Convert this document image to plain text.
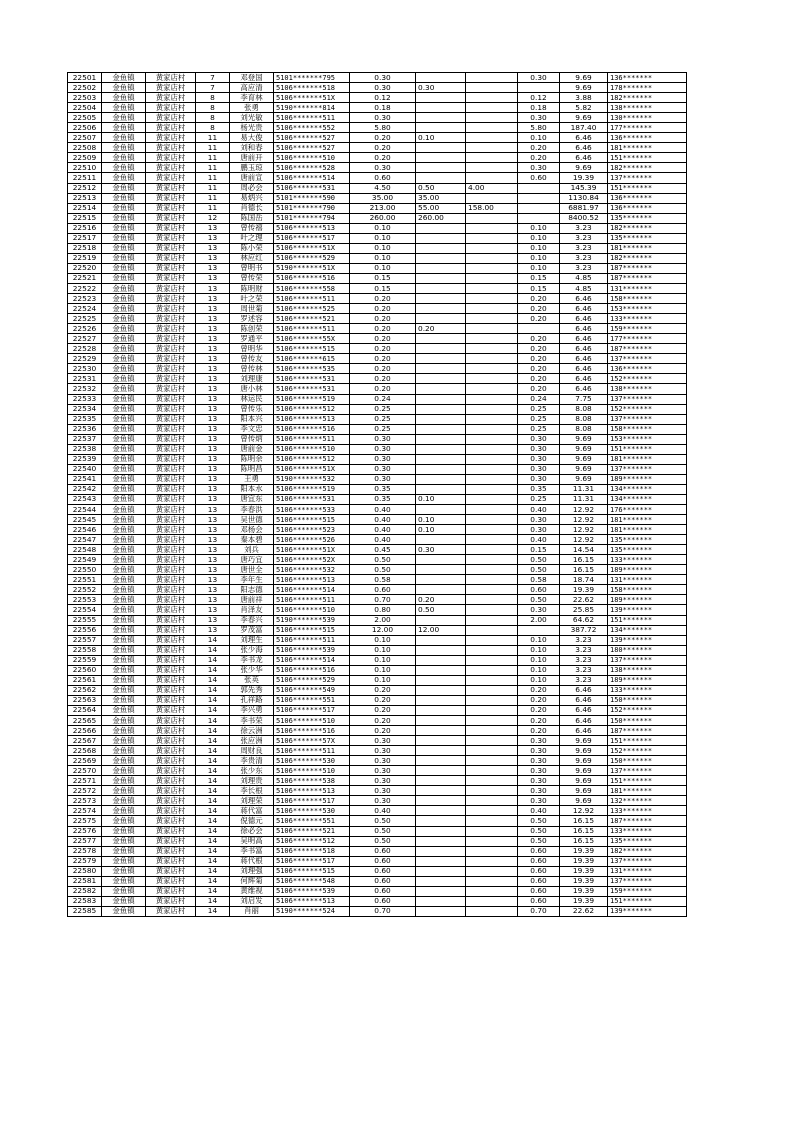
22501	金鱼镇	黄家店村	7	邓登国	5101*******795	0.30			0.30	9.69	136*******
22502	金鱼镇	黄家店村	7	高应清	5106*******518	0.30	0.30			9.69	178*******
22503	金鱼镇	黄家店村	8	李育林	5106*******51X	0.12			0.12	3.88	182*******
22504	金鱼镇	黄家店村	8	张勇	5190*******814	0.18			0.18	5.82	138*******
22505	金鱼镇	黄家店村	8	刘光敏	5106*******511	0.30			0.30	9.69	130*******
22506	金鱼镇	黄家店村	8	杨光贵	5106*******552	5.80			5.80	187.40	177*******
22507	金鱼镇	黄家店村	11	易大俊	5106*******527	0.20	0.10		0.10	6.46	136*******
22508	金鱼镇	黄家店村	11	刘和春	5106*******527	0.20			0.20	6.46	181*******
22509	金鱼镇	黄家店村	11	唐前开	5106*******510	0.20			0.20	6.46	151*******
22510	金鱼镇	黄家店村	11	鹏玉琼	5106*******528	0.30			0.30	9.69	182*******
22511	金鱼镇	黄家店村	11	唐前宣	5106*******514	0.60			0.60	19.39	137*******
22512	金鱼镇	黄家店村	11	周必会	5106*******531	4.50	0.50	4.00		145.39	151*******
22513	金鱼镇	黄家店村	11	易炳兴	5101*******590	35.00	35.00			1130.84	136*******
22514	金鱼镇	黄家店村	11	肖德长	5101*******790	213.00	55.00	158.00		6881.97	136*******
22515	金鱼镇	黄家店村	12	陈国岳	5101*******794	260.00	260.00			8400.52	135*******
22516	金鱼镇	黄家店村	13	曾传禧	5106*******513	0.10			0.10	3.23	182*******
22517	金鱼镇	黄家店村	13	叶之理	5106*******517	0.10			0.10	3.23	135*******
22518	金鱼镇	黄家店村	13	陈小荣	5106*******51X	0.10			0.10	3.23	181*******
22519	金鱼镇	黄家店村	13	林应红	5106*******529	0.10			0.10	3.23	182*******
22520	金鱼镇	黄家店村	13	曾明书	5190*******51X	0.10			0.10	3.23	187*******
22521	金鱼镇	黄家店村	13	曾传荣	5106*******516	0.15			0.15	4.85	187*******
22522	金鱼镇	黄家店村	13	陈明财	5106*******558	0.15			0.15	4.85	131*******
22523	金鱼镇	黄家店村	13	叶之荣	5106*******511	0.20			0.20	6.46	158*******
22524	金鱼镇	黄家店村	13	周世菊	5106*******525	0.20			0.20	6.46	153*******
22525	金鱼镇	黄家店村	13	罗述容	5106*******521	0.20			0.20	6.46	133*******
22526	金鱼镇	黄家店村	13	陈创荣	5106*******511	0.20	0.20			6.46	159*******
22527	金鱼镇	黄家店村	13	罗通平	5106*******55X	0.20			0.20	6.46	177*******
22528	金鱼镇	黄家店村	13	曾明华	5106*******515	0.20			0.20	6.46	187*******
22529	金鱼镇	黄家店村	13	曾传友	5106*******615	0.20			0.20	6.46	137*******
22530	金鱼镇	黄家店村	13	曾传林	5106*******535	0.20			0.20	6.46	136*******
22531	金鱼镇	黄家店村	13	刘理康	5106*******531	0.20			0.20	6.46	152*******
22532	金鱼镇	黄家店村	13	唐小林	5106*******531	0.20			0.20	6.46	138*******
22533	金鱼镇	黄家店村	13	林运民	5106*******519	0.24			0.24	7.75	137*******
22534	金鱼镇	黄家店村	13	曾传乐	5106*******512	0.25			0.25	8.08	152*******
22535	金鱼镇	黄家店村	13	阳本兴	5106*******513	0.25			0.25	8.08	137*******
22536	金鱼镇	黄家店村	13	李文忠	5106*******516	0.25			0.25	8.08	158*******
22537	金鱼镇	黄家店村	13	曾传炳	5106*******511	0.30			0.30	9.69	153*******
22538	金鱼镇	黄家店村	13	唐前金	5106*******510	0.30			0.30	9.69	151*******
22539	金鱼镇	黄家店村	13	陈明余	5106*******512	0.30			0.30	9.69	181*******
22540	金鱼镇	黄家店村	13	陈明昌	5106*******51X	0.30			0.30	9.69	137*******
22541	金鱼镇	黄家店村	13	王勇	5190*******532	0.30			0.30	9.69	189*******
22542	金鱼镇	黄家店村	13	阳本水	5106*******519	0.35			0.35	11.31	134*******
22543	金鱼镇	黄家店村	13	唐宜东	5106*******531	0.35	0.10		0.25	11.31	134*******
22544	金鱼镇	黄家店村	13	李春洪	5106*******533	0.40			0.40	12.92	176*******
22545	金鱼镇	黄家店村	13	吴世德	5106*******515	0.40	0.10		0.30	12.92	181*******
22546	金鱼镇	黄家店村	13	邓杨会	5106*******523	0.40	0.10		0.30	12.92	181*******
22547	金鱼镇	黄家店村	13	秦本碧	5106*******526	0.40			0.40	12.92	135*******
22548	金鱼镇	黄家店村	13	刘兵	5106*******51X	0.45	0.30		0.15	14.54	135*******
22549	金鱼镇	黄家店村	13	唐巧宜	5106*******52X	0.50			0.50	16.15	133*******
22550	金鱼镇	黄家店村	13	唐世全	5106*******532	0.50			0.50	16.15	189*******
22551	金鱼镇	黄家店村	13	李年生	5106*******513	0.58			0.58	18.74	131*******
22552	金鱼镇	黄家店村	13	阳志德	5106*******514	0.60			0.60	19.39	158*******
22553	金鱼镇	黄家店村	13	唐前祥	5106*******511	0.70	0.20		0.50	22.62	189*******
22554	金鱼镇	黄家店村	13	肖泽友	5106*******510	0.80	0.50		0.30	25.85	139*******
22555	金鱼镇	黄家店村	13	李春兴	5190*******539	2.00			2.00	64.62	151*******
22556	金鱼镇	黄家店村	13	罗茂富	5106*******515	12.00	12.00			387.72	134*******
22557	金鱼镇	黄家店村	14	刘理生	5106*******511	0.10			0.10	3.23	139*******
22558	金鱼镇	黄家店村	14	张少海	5106*******539	0.10			0.10	3.23	180*******
22559	金鱼镇	黄家店村	14	李书龙	5106*******514	0.10			0.10	3.23	137*******
22560	金鱼镇	黄家店村	14	张少华	5106*******516	0.10			0.10	3.23	138*******
22561	金鱼镇	黄家店村	14	张英	5106*******529	0.10			0.10	3.23	189*******
22562	金鱼镇	黄家店村	14	郭先秀	5106*******549	0.20			0.20	6.46	133*******
22563	金鱼镇	黄家店村	14	孔祥路	5106*******551	0.20			0.20	6.46	150*******
22564	金鱼镇	黄家店村	14	李兴勇	5106*******517	0.20			0.20	6.46	152*******
22565	金鱼镇	黄家店村	14	李书荣	5106*******510	0.20			0.20	6.46	150*******
22566	金鱼镇	黄家店村	14	徐云洲	5106*******516	0.20			0.20	6.46	187*******
22567	金鱼镇	黄家店村	14	张应洲	5106*******57X	0.30			0.30	9.69	151*******
22568	金鱼镇	黄家店村	14	周财良	5106*******511	0.30			0.30	9.69	152*******
22569	金鱼镇	黄家店村	14	李贵清	5106*******530	0.30			0.30	9.69	150*******
22570	金鱼镇	黄家店村	14	张少东	5106*******510	0.30			0.30	9.69	137*******
22571	金鱼镇	黄家店村	14	刘理贵	5106*******538	0.30			0.30	9.69	151*******
22572	金鱼镇	黄家店村	14	李长根	5106*******513	0.30			0.30	9.69	181*******
22573	金鱼镇	黄家店村	14	刘理荣	5106*******517	0.30			0.30	9.69	132*******
22574	金鱼镇	黄家店村	14	蒋代富	5106*******530	0.40			0.40	12.92	133*******
22575	金鱼镇	黄家店村	14	倪德元	5106*******551	0.50			0.50	16.15	187*******
22576	金鱼镇	黄家店村	14	徐必会	5106*******521	0.50			0.50	16.15	133*******
22577	金鱼镇	黄家店村	14	吴明高	5106*******512	0.50			0.50	16.15	135*******
22578	金鱼镇	黄家店村	14	李书富	5106*******518	0.60			0.60	19.39	182*******
22579	金鱼镇	黄家店村	14	蒋代根	5106*******517	0.60			0.60	19.39	137*******
22580	金鱼镇	黄家店村	14	刘理强	5106*******515	0.60			0.60	19.39	131*******
22581	金鱼镇	黄家店村	14	何辉菊	5106*******548	0.60			0.60	19.39	137*******
22582	金鱼镇	黄家店村	14	黄维视	5106*******539	0.60			0.60	19.39	159*******
22583	金鱼镇	黄家店村	14	刘启发	5106*******513	0.60			0.60	19.39	151*******
22585	金鱼镇	黄家店村	14	肖丽	5190*******524	0.70			0.70	22.62	139*******
